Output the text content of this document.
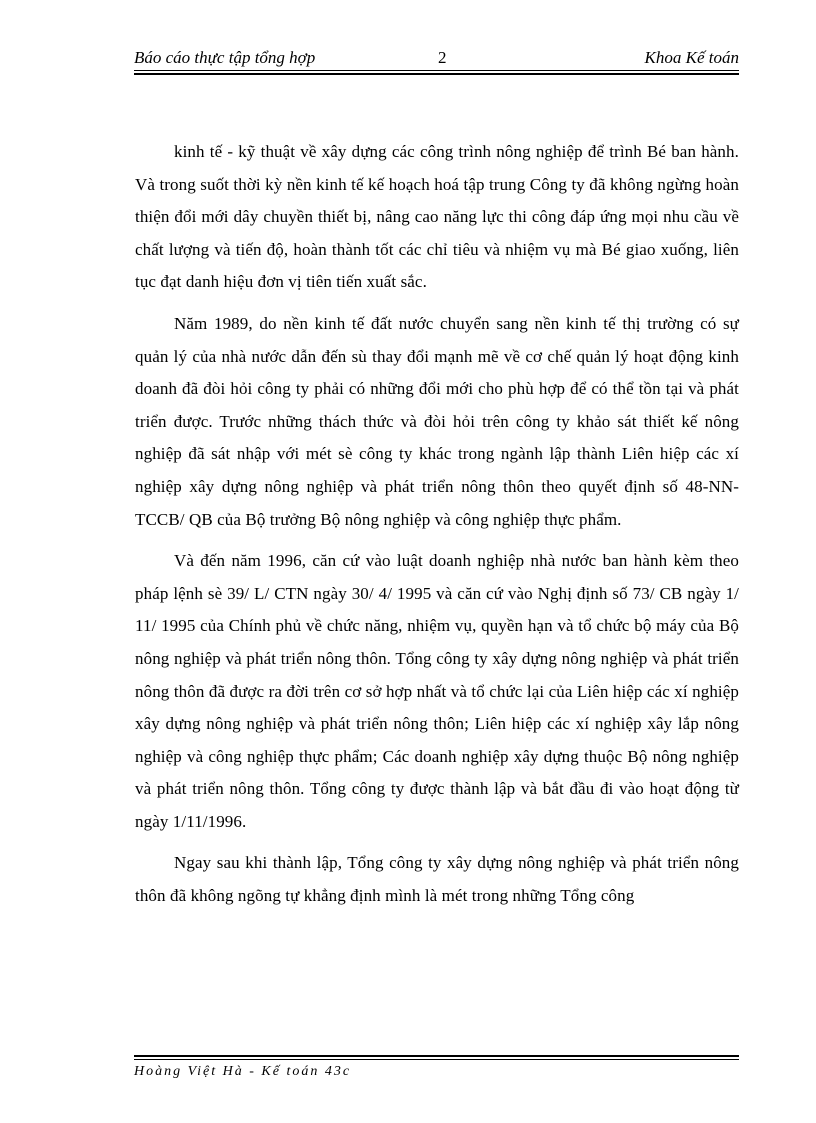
Báo cáo thực tập tổng hợp	2	Khoa Kế toán

kinh tế - kỹ thuật về xây dựng các công trình nông nghiệp để trình Bé ban hành. Và trong suốt thời kỳ nền kinh tế kế hoạch hoá tập trung Công ty đã không ngừng hoàn thiện đổi mới dây chuyền thiết bị, nâng cao năng lực thi công đáp ứng mọi nhu cầu về chất lượng và tiến độ, hoàn thành tốt các chỉ tiêu và nhiệm vụ mà Bé giao xuống, liên tục đạt danh hiệu đơn vị tiên tiến xuất sắc.

Năm 1989, do nền kinh tế đất nước chuyển sang nền kinh tế thị trường có sự quản lý của nhà nước dẫn đến sù thay đổi mạnh mẽ về cơ chế quản lý hoạt động kinh doanh đã đòi hỏi công ty phải có những đổi mới cho phù hợp để có thể tồn tại và phát triển được. Trước những thách thức và đòi hỏi trên công ty khảo sát thiết kế nông nghiệp đã sát nhập với mét sè công ty khác trong ngành lập thành Liên hiệp các xí nghiệp xây dựng nông nghiệp và phát triển nông thôn theo quyết định số 48-NN-TCCB/ QB của Bộ trưởng Bộ nông nghiệp và công nghiệp thực phẩm.

Và đến năm 1996, căn cứ vào luật doanh nghiệp nhà nước ban hành kèm theo pháp lệnh sè 39/ L/ CTN ngày 30/ 4/ 1995 và căn cứ vào Nghị định số 73/ CB ngày 1/ 11/ 1995 của Chính phủ về chức năng, nhiệm vụ, quyền hạn và tổ chức bộ máy của Bộ nông nghiệp và phát triển nông thôn. Tổng công ty xây dựng nông nghiệp và phát triển nông thôn đã được ra đời trên cơ sở hợp nhất và tổ chức lại của Liên hiệp các xí nghiệp xây dựng nông nghiệp và phát triển nông thôn; Liên hiệp các xí nghiệp xây lắp nông nghiệp và công nghiệp thực phẩm; Các doanh nghiệp xây dựng thuộc Bộ nông nghiệp và phát triển nông thôn. Tổng công ty được thành lập và bắt đầu đi vào hoạt động từ ngày 1/11/1996.

Ngay sau khi thành lập, Tổng công ty xây dựng nông nghiệp và phát triển nông thôn đã không ngõng tự khẳng định mình là mét trong những Tổng công

Hoàng Việt Hà - Kế toán 43c
